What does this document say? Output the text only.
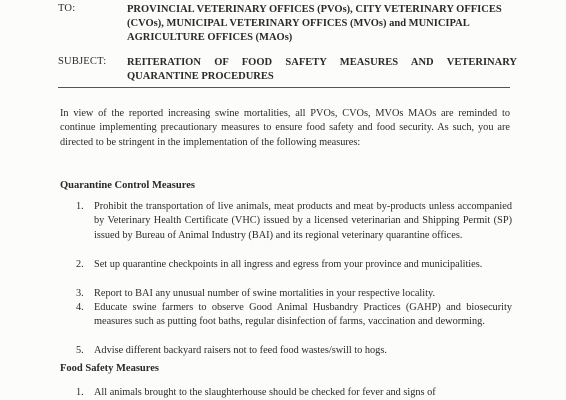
TO:	PROVINCIAL VETERINARY OFFICES (PVOs), CITY VETERINARY OFFICES (CVOs), MUNICIPAL VETERINARY OFFICES (MVOs) and MUNICIPAL AGRICULTURE OFFICES (MAOs)
SUBJECT: REITERATION OF FOOD SAFETY MEASURES AND VETERINARY QUARANTINE PROCEDURES
In view of the reported increasing swine mortalities, all PVOs, CVOs, MVOs MAOs are reminded to continue implementing precautionary measures to ensure food safety and food security. As such, you are directed to be stringent in the implementation of the following measures:
Quarantine Control Measures
1. Prohibit the transportation of live animals, meat products and meat by-products unless accompanied by Veterinary Health Certificate (VHC) issued by a licensed veterinarian and Shipping Permit (SP) issued by Bureau of Animal Industry (BAI) and its regional veterinary quarantine offices.
2. Set up quarantine checkpoints in all ingress and egress from your province and municipalities.
3. Report to BAI any unusual number of swine mortalities in your respective locality.
4. Educate swine farmers to observe Good Animal Husbandry Practices (GAHP) and biosecurity measures such as putting foot baths, regular disinfection of farms, vaccination and deworming.
5. Advise different backyard raisers not to feed food wastes/swill to hogs.
Food Safety Measures
1. All animals brought to the slaughterhouse should be checked for fever and signs of
